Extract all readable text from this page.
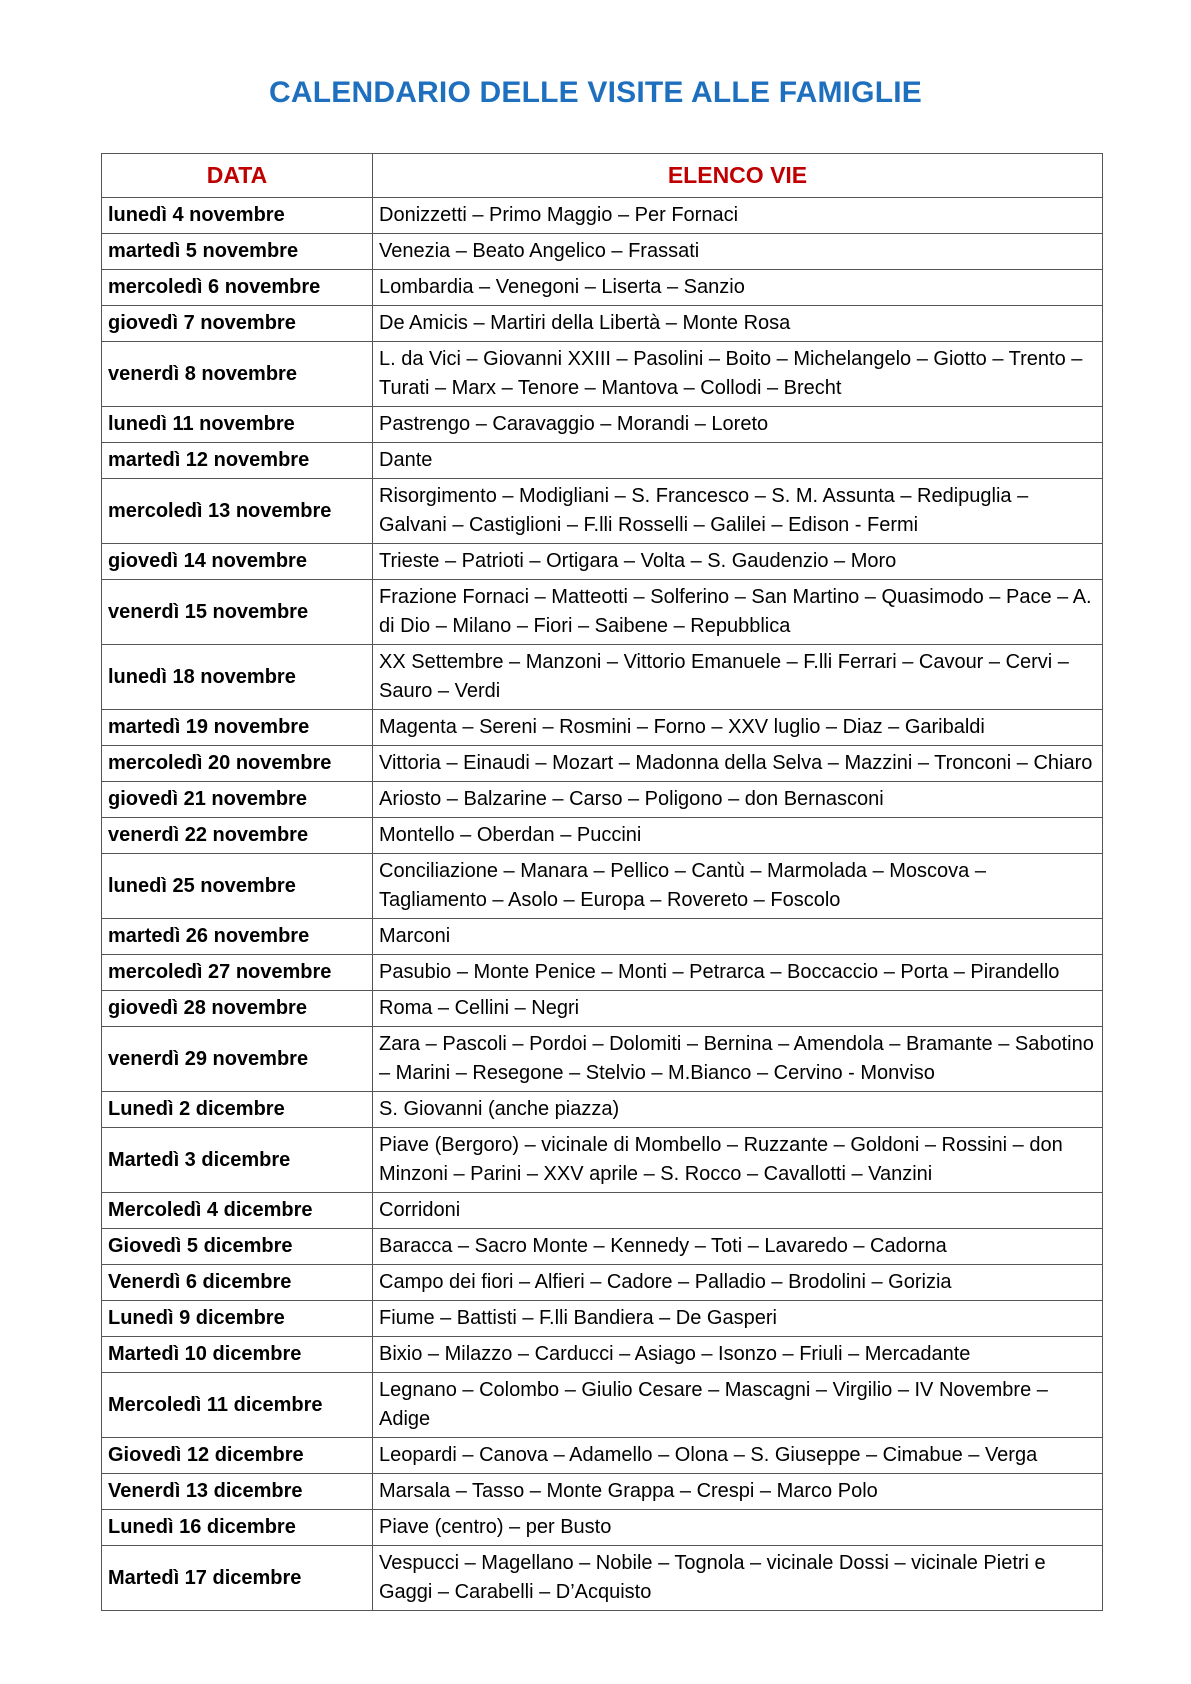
CALENDARIO DELLE VISITE ALLE FAMIGLIE
DATA	ELENCO VIE
lunedì 4 novembre	Donizzetti – Primo Maggio – Per Fornaci
martedì 5 novembre	Venezia – Beato Angelico – Frassati
mercoledì 6 novembre	Lombardia – Venegoni – Liserta – Sanzio
giovedì 7 novembre	De Amicis – Martiri della Libertà – Monte Rosa
venerdì 8 novembre	L. da Vici – Giovanni XXIII – Pasolini – Boito – Michelangelo – Giotto – Trento – Turati – Marx – Tenore – Mantova – Collodi – Brecht
lunedì 11 novembre	Pastrengo – Caravaggio – Morandi – Loreto
martedì 12 novembre	Dante
mercoledì 13 novembre	Risorgimento – Modigliani – S. Francesco – S. M. Assunta – Redipuglia – Galvani – Castiglioni – F.lli Rosselli – Galilei – Edison - Fermi
giovedì 14 novembre	Trieste – Patrioti – Ortigara – Volta – S. Gaudenzio – Moro
venerdì 15 novembre	Frazione Fornaci – Matteotti – Solferino – San Martino – Quasimodo – Pace – A. di Dio – Milano – Fiori – Saibene – Repubblica
lunedì 18 novembre	XX Settembre – Manzoni – Vittorio Emanuele – F.lli Ferrari – Cavour – Cervi – Sauro – Verdi
martedì 19 novembre	Magenta – Sereni – Rosmini – Forno – XXV luglio – Diaz – Garibaldi
mercoledì 20 novembre	Vittoria – Einaudi – Mozart – Madonna della Selva – Mazzini – Tronconi – Chiaro
giovedì 21 novembre	Ariosto – Balzarine – Carso – Poligono – don Bernasconi
venerdì 22 novembre	Montello – Oberdan – Puccini
lunedì 25 novembre	Conciliazione – Manara – Pellico – Cantù – Marmolada – Moscova – Tagliamento – Asolo – Europa – Rovereto – Foscolo
martedì 26 novembre	Marconi
mercoledì 27 novembre	Pasubio – Monte Penice – Monti – Petrarca – Boccaccio – Porta – Pirandello
giovedì 28 novembre	Roma – Cellini – Negri
venerdì 29 novembre	Zara – Pascoli – Pordoi – Dolomiti – Bernina – Amendola – Bramante – Sabotino – Marini – Resegone – Stelvio – M.Bianco – Cervino - Monviso
Lunedì 2 dicembre	S. Giovanni (anche piazza)
Martedì 3 dicembre	Piave (Bergoro) – vicinale di Mombello – Ruzzante – Goldoni – Rossini – don Minzoni – Parini – XXV aprile – S. Rocco – Cavallotti – Vanzini
Mercoledì 4 dicembre	Corridoni
Giovedì 5 dicembre	Baracca – Sacro Monte – Kennedy – Toti – Lavaredo – Cadorna
Venerdì 6 dicembre	Campo dei fiori – Alfieri – Cadore – Palladio – Brodolini – Gorizia
Lunedì 9 dicembre	Fiume – Battisti – F.lli Bandiera – De Gasperi
Martedì 10 dicembre	Bixio – Milazzo – Carducci – Asiago – Isonzo – Friuli – Mercadante
Mercoledì 11 dicembre	Legnano – Colombo – Giulio Cesare – Mascagni – Virgilio – IV Novembre – Adige
Giovedì 12 dicembre	Leopardi – Canova – Adamello – Olona – S. Giuseppe – Cimabue – Verga
Venerdì 13 dicembre	Marsala – Tasso – Monte Grappa – Crespi – Marco Polo
Lunedì 16 dicembre	Piave (centro) – per Busto
Martedì 17 dicembre	Vespucci – Magellano – Nobile – Tognola – vicinale Dossi – vicinale Pietri e Gaggi – Carabelli – D’Acquisto
